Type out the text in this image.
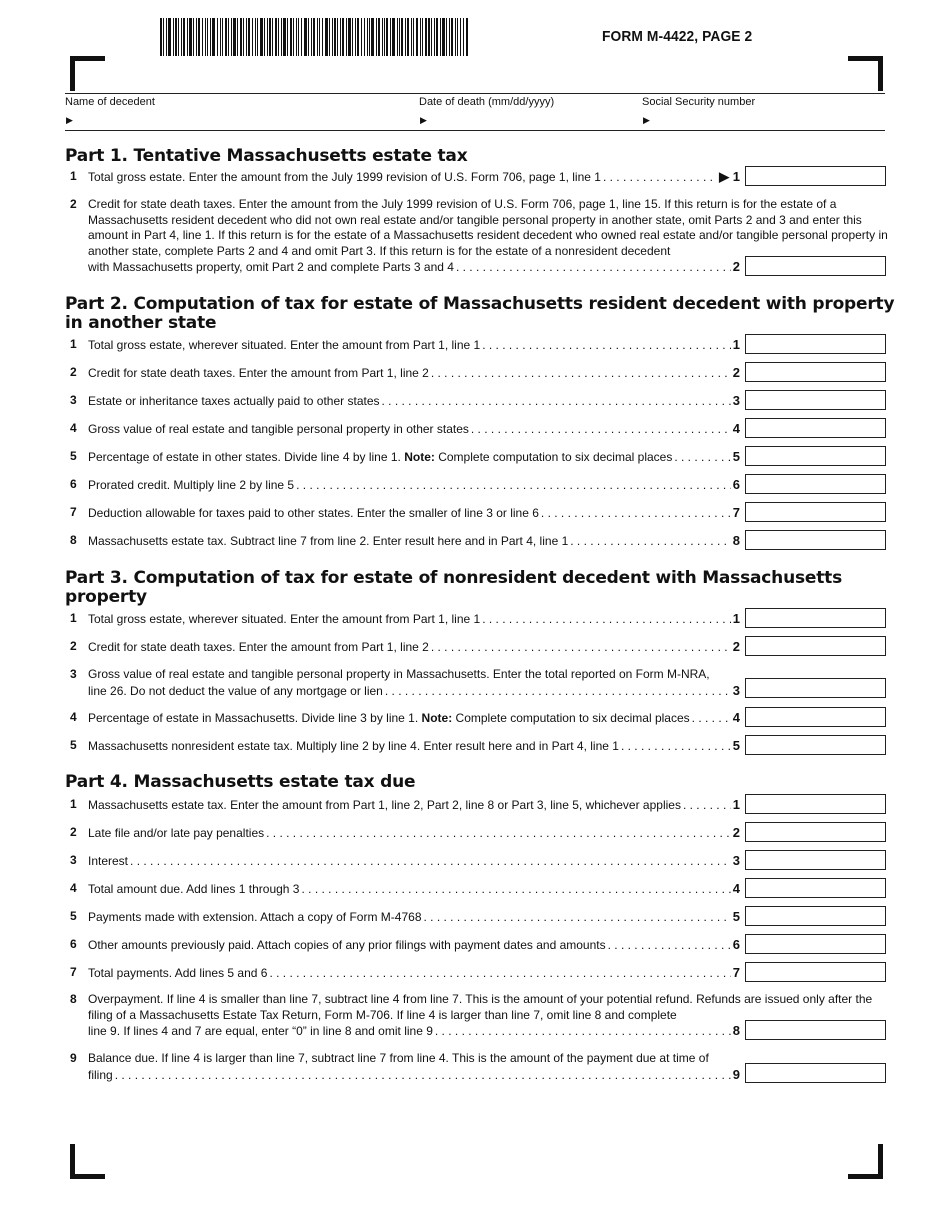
FORM M-4422, PAGE 2
Name of decedent	Date of death (mm/dd/yyyy)	Social Security number
▶	▶	▶
Part 1. Tentative Massachusetts estate tax
1 Total gross estate. Enter the amount from the July 1999 revision of U.S. Form 706, page 1, line 1 . . .	▶ 1
2 Credit for state death taxes. Enter the amount from the July 1999 revision of U.S. Form 706, page 1, line 15. If this return is for the estate of a Massachusetts resident decedent who did not own real estate and/or tangible personal property in another state, omit Parts 2 and 3 and enter this amount in Part 4, line 1. If this return is for the estate of a Massachusetts resident decedent who owned real estate and/or tangible personal property in another state, complete Parts 2 and 4 and omit Part 3. If this return is for the estate of a nonresident decedent
with Massachusetts property, omit Part 2 and complete Parts 3 and 4 . . .	2
Part 2. Computation of tax for estate of Massachusetts resident decedent with property in another state
1 Total gross estate, wherever situated. Enter the amount from Part 1, line 1 . . .	1
2 Credit for state death taxes. Enter the amount from Part 1, line 2 . . .	2
3 Estate or inheritance taxes actually paid to other states . . .	3
4 Gross value of real estate and tangible personal property in other states . . .	4
5 Percentage of estate in other states. Divide line 4 by line 1.
Note:
Complete computation to six decimal places . . .	5
6 Prorated credit. Multiply line 2 by line 5 . . .	6
7 Deduction allowable for taxes paid to other states. Enter the smaller of line 3 or line 6 . . .	7
8 Massachusetts estate tax. Subtract line 7 from line 2. Enter result here and in Part 4, line 1 . . .	8
Part 3. Computation of tax for estate of nonresident decedent with Massachusetts property
1 Total gross estate, wherever situated. Enter the amount from Part 1, line 1 . . .	1
2 Credit for state death taxes. Enter the amount from Part 1, line 2 . . .	2
3 Gross value of real estate and tangible personal property in Massachusetts. Enter the total reported on Form M-NRA,
line 26. Do not deduct the value of any mortgage or lien . . .	3
4 Percentage of estate in Massachusetts. Divide line 3 by line 1.
Note:
Complete computation to six decimal places . . .	4
5 Massachusetts nonresident estate tax. Multiply line 2 by line 4. Enter result here and in Part 4, line 1 . . .	5
Part 4. Massachusetts estate tax due
1 Massachusetts estate tax. Enter the amount from Part 1, line 2, Part 2, line 8 or Part 3, line 5, whichever applies . . .	1
2 Late file and/or late pay penalties . . .	2
3 Interest . . .	3
4 Total amount due. Add lines 1 through 3 . . .	4
5 Payments made with extension. Attach a copy of Form M-4768 . . .	5
6 Other amounts previously paid. Attach copies of any prior filings with payment dates and amounts . . .	6
7 Total payments. Add lines 5 and 6 . . .	7
8 Overpayment. If line 4 is smaller than line 7, subtract line 4 from line 7. This is the amount of your potential refund. Refunds are issued only after the filing of a Massachusetts Estate Tax Return, Form M-706. If line 4 is larger than line 7, omit line 8 and complete
line 9. If lines 4 and 7 are equal, enter “0” in line 8 and omit line 9 . . .	8
9 Balance due. If line 4 is larger than line 7, subtract line 7 from line 4. This is the amount of the payment due at time of
filing . . .	9
